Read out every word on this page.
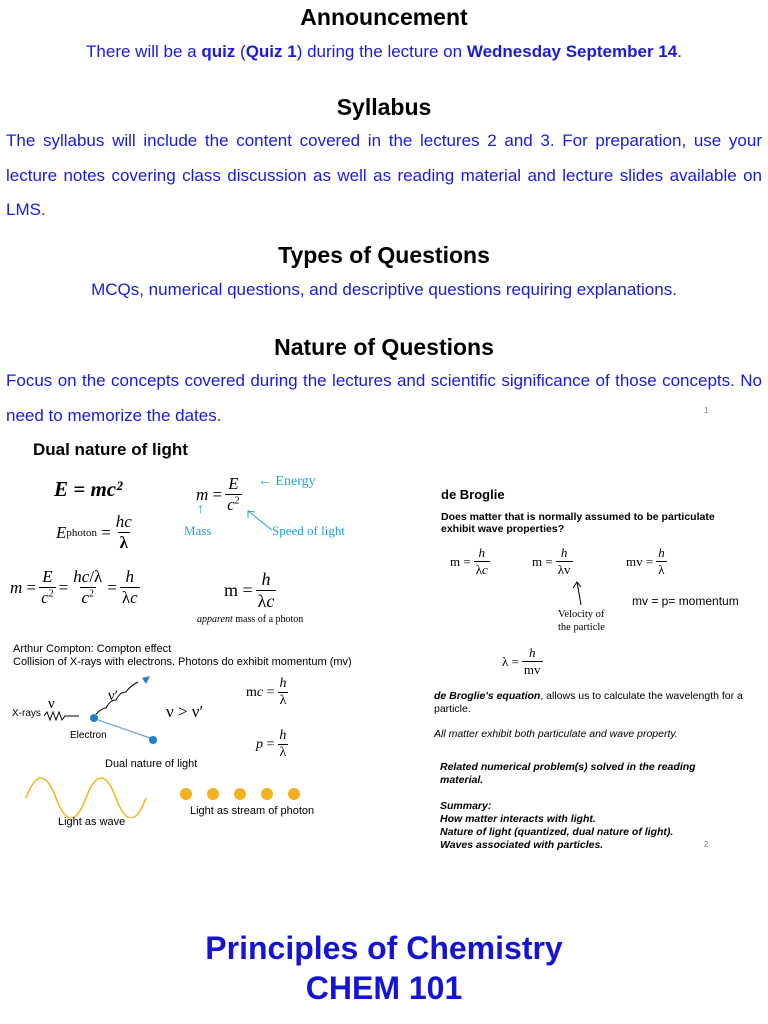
Announcement
There will be a quiz (Quiz 1) during the lecture on Wednesday September 14.
Syllabus
The syllabus will include the content covered in the lectures 2 and 3. For preparation, use your lecture notes covering class discussion as well as reading material and lecture slides available on LMS.
Types of Questions
MCQs, numerical questions, and descriptive questions requiring explanations.
Nature of Questions
Focus on the concepts covered during the lectures and scientific significance of those concepts. No need to memorize the dates.	1
Dual nature of light
E = mc²	$m = \frac{E}{c^2}$ ← Energy
↑
Mass	Speed of light
E photon = $\frac{hc}{\lambda}$
$m = \frac{E}{c^2} = \frac{hc/\lambda}{c^2} = \frac{h}{\lambda c}$	$m = \frac{h}{\lambda c}$
apparent mass of a photon
Arthur Compton: Compton effect
Collision of X-rays with electrons. Photons do exhibit momentum (mv)
X-rays
ν	ν′
Electron
ν > ν′
m $c = \frac{h}{\lambda}$
$p = \frac{h}{\lambda}$
Dual nature of light
Light as wave
Light as stream of photon
de Broglie
Does matter that is normally assumed to be particulate exhibit wave properties?
$m = \frac{h}{\lambda c}$	$m = \frac{h}{\lambda v}$	mv = $\frac{h}{\lambda}$
Velocity of
the particle
mv = p= momentum
$\lambda = \frac{h}{mv}$
de Broglie's equation, allows us to calculate the wavelength for a particle.
All matter exhibit both particulate and wave property.
Related numerical problem(s) solved in the reading material.
Summary:
How matter interacts with light.
Nature of light (quantized, dual nature of light).
Waves associated with particles.	2
Principles of Chemistry
CHEM 101
